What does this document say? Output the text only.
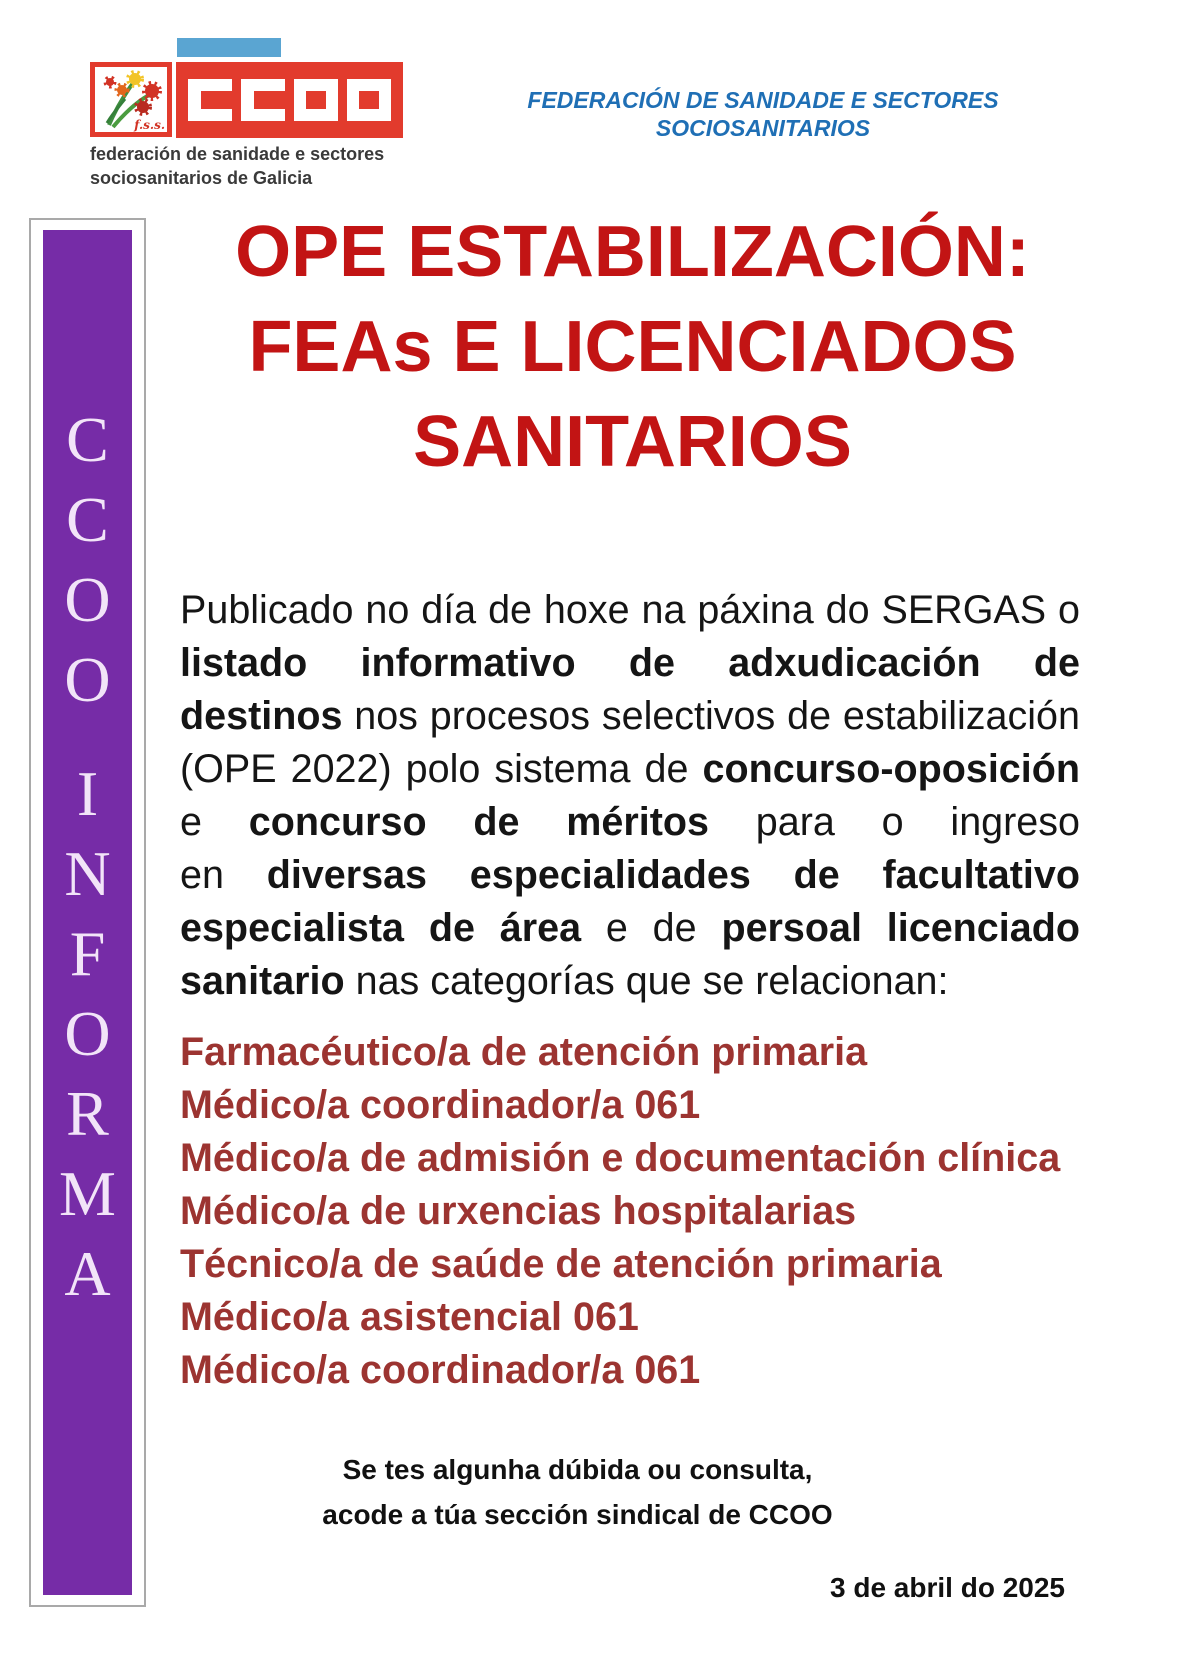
f.s.s.
federación de sanidade e sectores
sociosanitarios de Galicia
FEDERACIÓN DE SANIDADE E SECTORES
SOCIOSANITARIOS
C
C
O
O
I
N
F
O
R
M
A
OPE ESTABILIZACIÓN:
FEAs E LICENCIADOS
SANITARIOS
Publicado no día de hoxe na páxina do SERGAS o
listado informativo de adxudicación de
destinos nos procesos selectivos de estabilización
(OPE 2022) polo sistema de concurso-oposición
e concurso de méritos para o ingreso
en diversas especialidades de facultativo
especialista de área e de persoal licenciado
sanitario nas categorías que se relacionan:
Farmacéutico/a de atención primaria
Médico/a coordinador/a 061
Médico/a de admisión e documentación clínica
Médico/a de urxencias hospitalarias
Técnico/a de saúde de atención primaria
Médico/a asistencial 061
Médico/a coordinador/a 061
Se tes algunha dúbida ou consulta,
acode a túa sección sindical de CCOO
3 de abril do 2025
